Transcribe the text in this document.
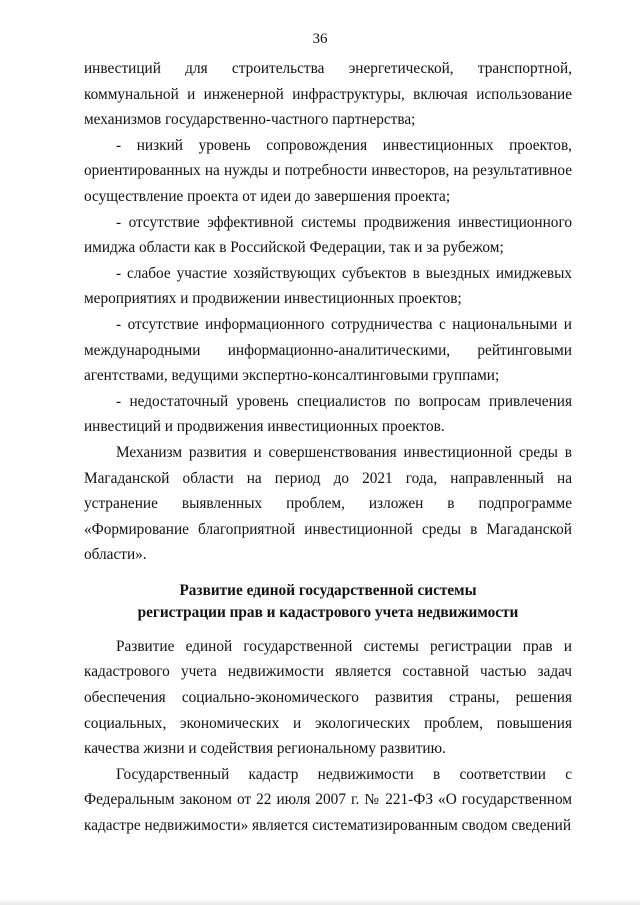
36

инвестиций для строительства энергетической, транспортной, коммунальной и инженерной инфраструктуры, включая использование механизмов государственно-частного партнерства;

- низкий уровень сопровождения инвестиционных проектов, ориентированных на нужды и потребности инвесторов, на результативное осуществление проекта от идеи до завершения проекта;

- отсутствие эффективной системы продвижения инвестиционного имиджа области как в Российской Федерации, так и за рубежом;

- слабое участие хозяйствующих субъектов в выездных имиджевых мероприятиях и продвижении инвестиционных проектов;

- отсутствие информационного сотрудничества с национальными и международными информационно-аналитическими, рейтинговыми агентствами, ведущими экспертно-консалтинговыми группами;

- недостаточный уровень специалистов по вопросам привлечения инвестиций и продвижения инвестиционных проектов.

Механизм развития и совершенствования инвестиционной среды в Магаданской области на период до 2021 года, направленный на устранение выявленных проблем, изложен в подпрограмме «Формирование благоприятной инвестиционной среды в Магаданской области».

Развитие единой государственной системы
регистрации прав и кадастрового учета недвижимости

Развитие единой государственной системы регистрации прав и кадастрового учета недвижимости является составной частью задач обеспечения социально-экономического развития страны, решения социальных, экономических и экологических проблем, повышения качества жизни и содействия региональному развитию.

Государственный кадастр недвижимости в соответствии с Федеральным законом от 22 июля 2007 г. № 221-ФЗ «О государственном кадастре недвижимости» является систематизированным сводом сведений
